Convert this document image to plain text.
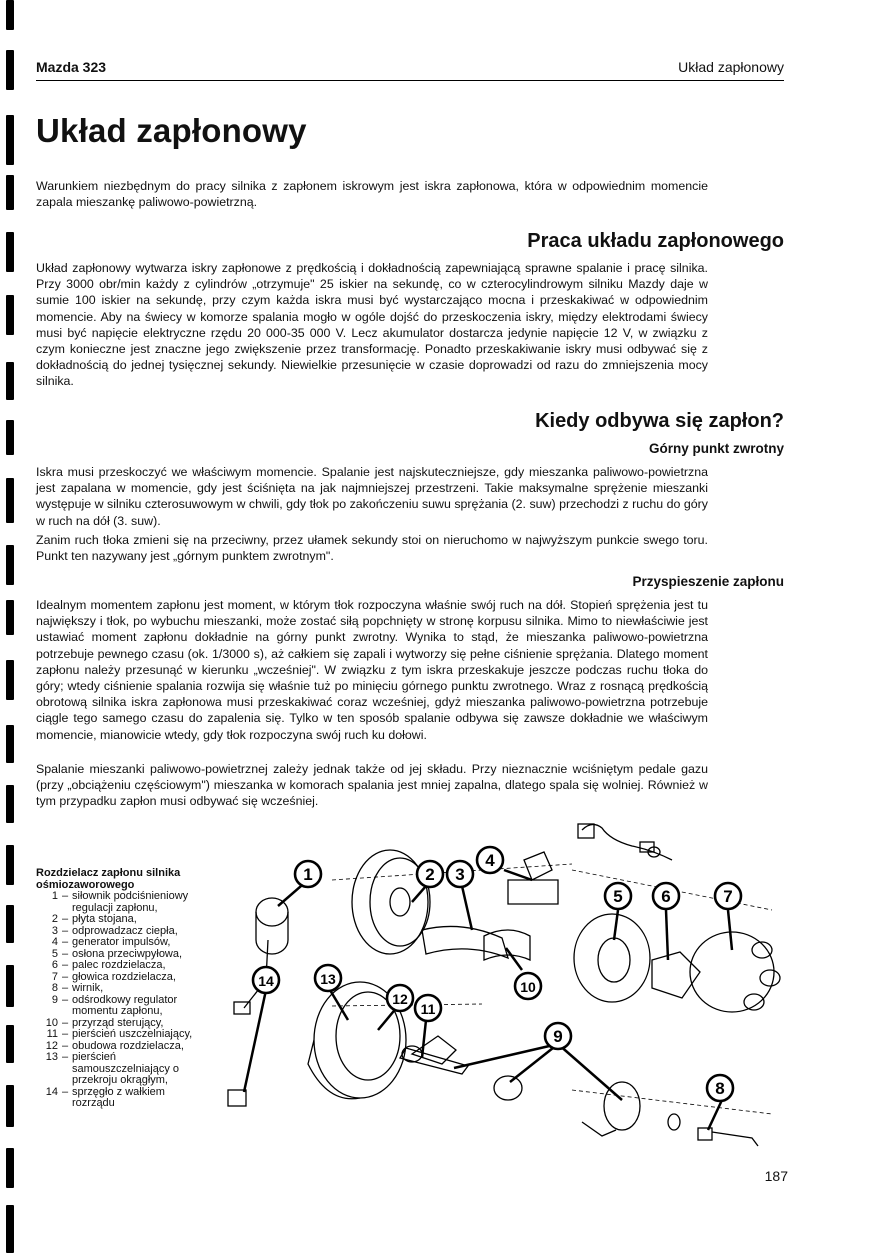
Mazda 323	Układ zapłonowy
Układ zapłonowy

Warunkiem niezbędnym do pracy silnika z zapłonem iskrowym jest iskra zapłonowa, która w odpowiednim momencie zapala mieszankę paliwowo-powietrzną.

Praca układu zapłonowego

Układ zapłonowy wytwarza iskry zapłonowe z prędkością i dokładnością zapewniającą sprawne spalanie i pracę silnika. Przy 3000 obr/min każdy z cylindrów „otrzymuje" 25 iskier na sekundę, co w czterocylindrowym silniku Mazdy daje w sumie 100 iskier na sekundę, przy czym każda iskra musi być wystarczająco mocna i przeskakiwać w odpowiednim momencie. Aby na świecy w komorze spalania mogło w ogóle dojść do przeskoczenia iskry, między elektrodami świecy musi być napięcie elektryczne rzędu 20 000-35 000 V. Lecz akumulator dostarcza jedynie napięcie 12 V, w związku z czym konieczne jest znaczne jego zwiększenie przez transformację. Ponadto przeskakiwanie iskry musi odbywać się z dokładnością do jednej tysięcznej sekundy. Niewielkie przesunięcie w czasie doprowadzi od razu do zmniejszenia mocy silnika.

Kiedy odbywa się zapłon?
Górny punkt zwrotny

Iskra musi przeskoczyć we właściwym momencie. Spalanie jest najskuteczniejsze, gdy mieszanka paliwowo-powietrzna jest zapalana w momencie, gdy jest ściśnięta na jak najmniejszej przestrzeni. Takie maksymalne sprężenie mieszanki występuje w silniku czterosuwowym w chwili, gdy tłok po zakończeniu suwu sprężania (2. suw) przechodzi z ruchu do góry w ruch na dół (3. suw).

Zanim ruch tłoka zmieni się na przeciwny, przez ułamek sekundy stoi on nieruchomo w najwyższym punkcie swego toru. Punkt ten nazywany jest „górnym punktem zwrotnym".

Przyspieszenie zapłonu

Idealnym momentem zapłonu jest moment, w którym tłok rozpoczyna właśnie swój ruch na dół. Stopień sprężenia jest tu największy i tłok, po wybuchu mieszanki, może zostać siłą popchnięty w stronę korpusu silnika. Mimo to niewłaściwie jest ustawiać moment zapłonu dokładnie na górny punkt zwrotny. Wynika to stąd, że mieszanka paliwowo-powietrzna potrzebuje pewnego czasu (ok. 1/3000 s), aż całkiem się zapali i wytworzy się pełne ciśnienie sprężania. Dlatego moment zapłonu należy przesunąć w kierunku „wcześniej". W związku z tym iskra przeskakuje jeszcze podczas ruchu tłoka do góry; wtedy ciśnienie spalania rozwija się właśnie tuż po minięciu górnego punktu zwrotnego. Wraz z rosnącą prędkością obrotową silnika iskra zapłonowa musi przeskakiwać coraz wcześniej, gdyż mieszanka paliwowo-powietrzna potrzebuje ciągle tego samego czasu do zapalenia się. Tylko w ten sposób spalanie odbywa się zawsze dokładnie we właściwym momencie, mianowicie wtedy, gdy tłok rozpoczyna swój ruch ku dołowi.

Spalanie mieszanki paliwowo-powietrznej zależy jednak także od jej składu. Przy nieznacznie wciśniętym pedale gazu (przy „obciążeniu częściowym") mieszanka w komorach spalania jest mniej zapalna, dlatego spala się wolniej. Również w tym przypadku zapłon musi odbywać się wcześniej.

Rozdzielacz zapłonu silnika ośmiozaworowego
1 – siłownik podciśnieniowy regulacji zapłonu,
2 – płyta stojana,
3 – odprowadzacz ciepła,
4 – generator impulsów,
5 – osłona przeciwpyłowa,
6 – palec rozdzielacza,
7 – głowica rozdzielacza,
8 – wirnik,
9 – odśrodkowy regulator momentu zapłonu,
10 – przyrząd sterujący,
11 – pierścień uszczelniający,
12 – obudowa rozdzielacza,
13 – pierścień samouszczelniający o przekroju okrągłym,
14 – sprzęgło z wałkiem rozrządu
1	2 3
4
5 6	7
8
9
10
11
12
13
14
187
